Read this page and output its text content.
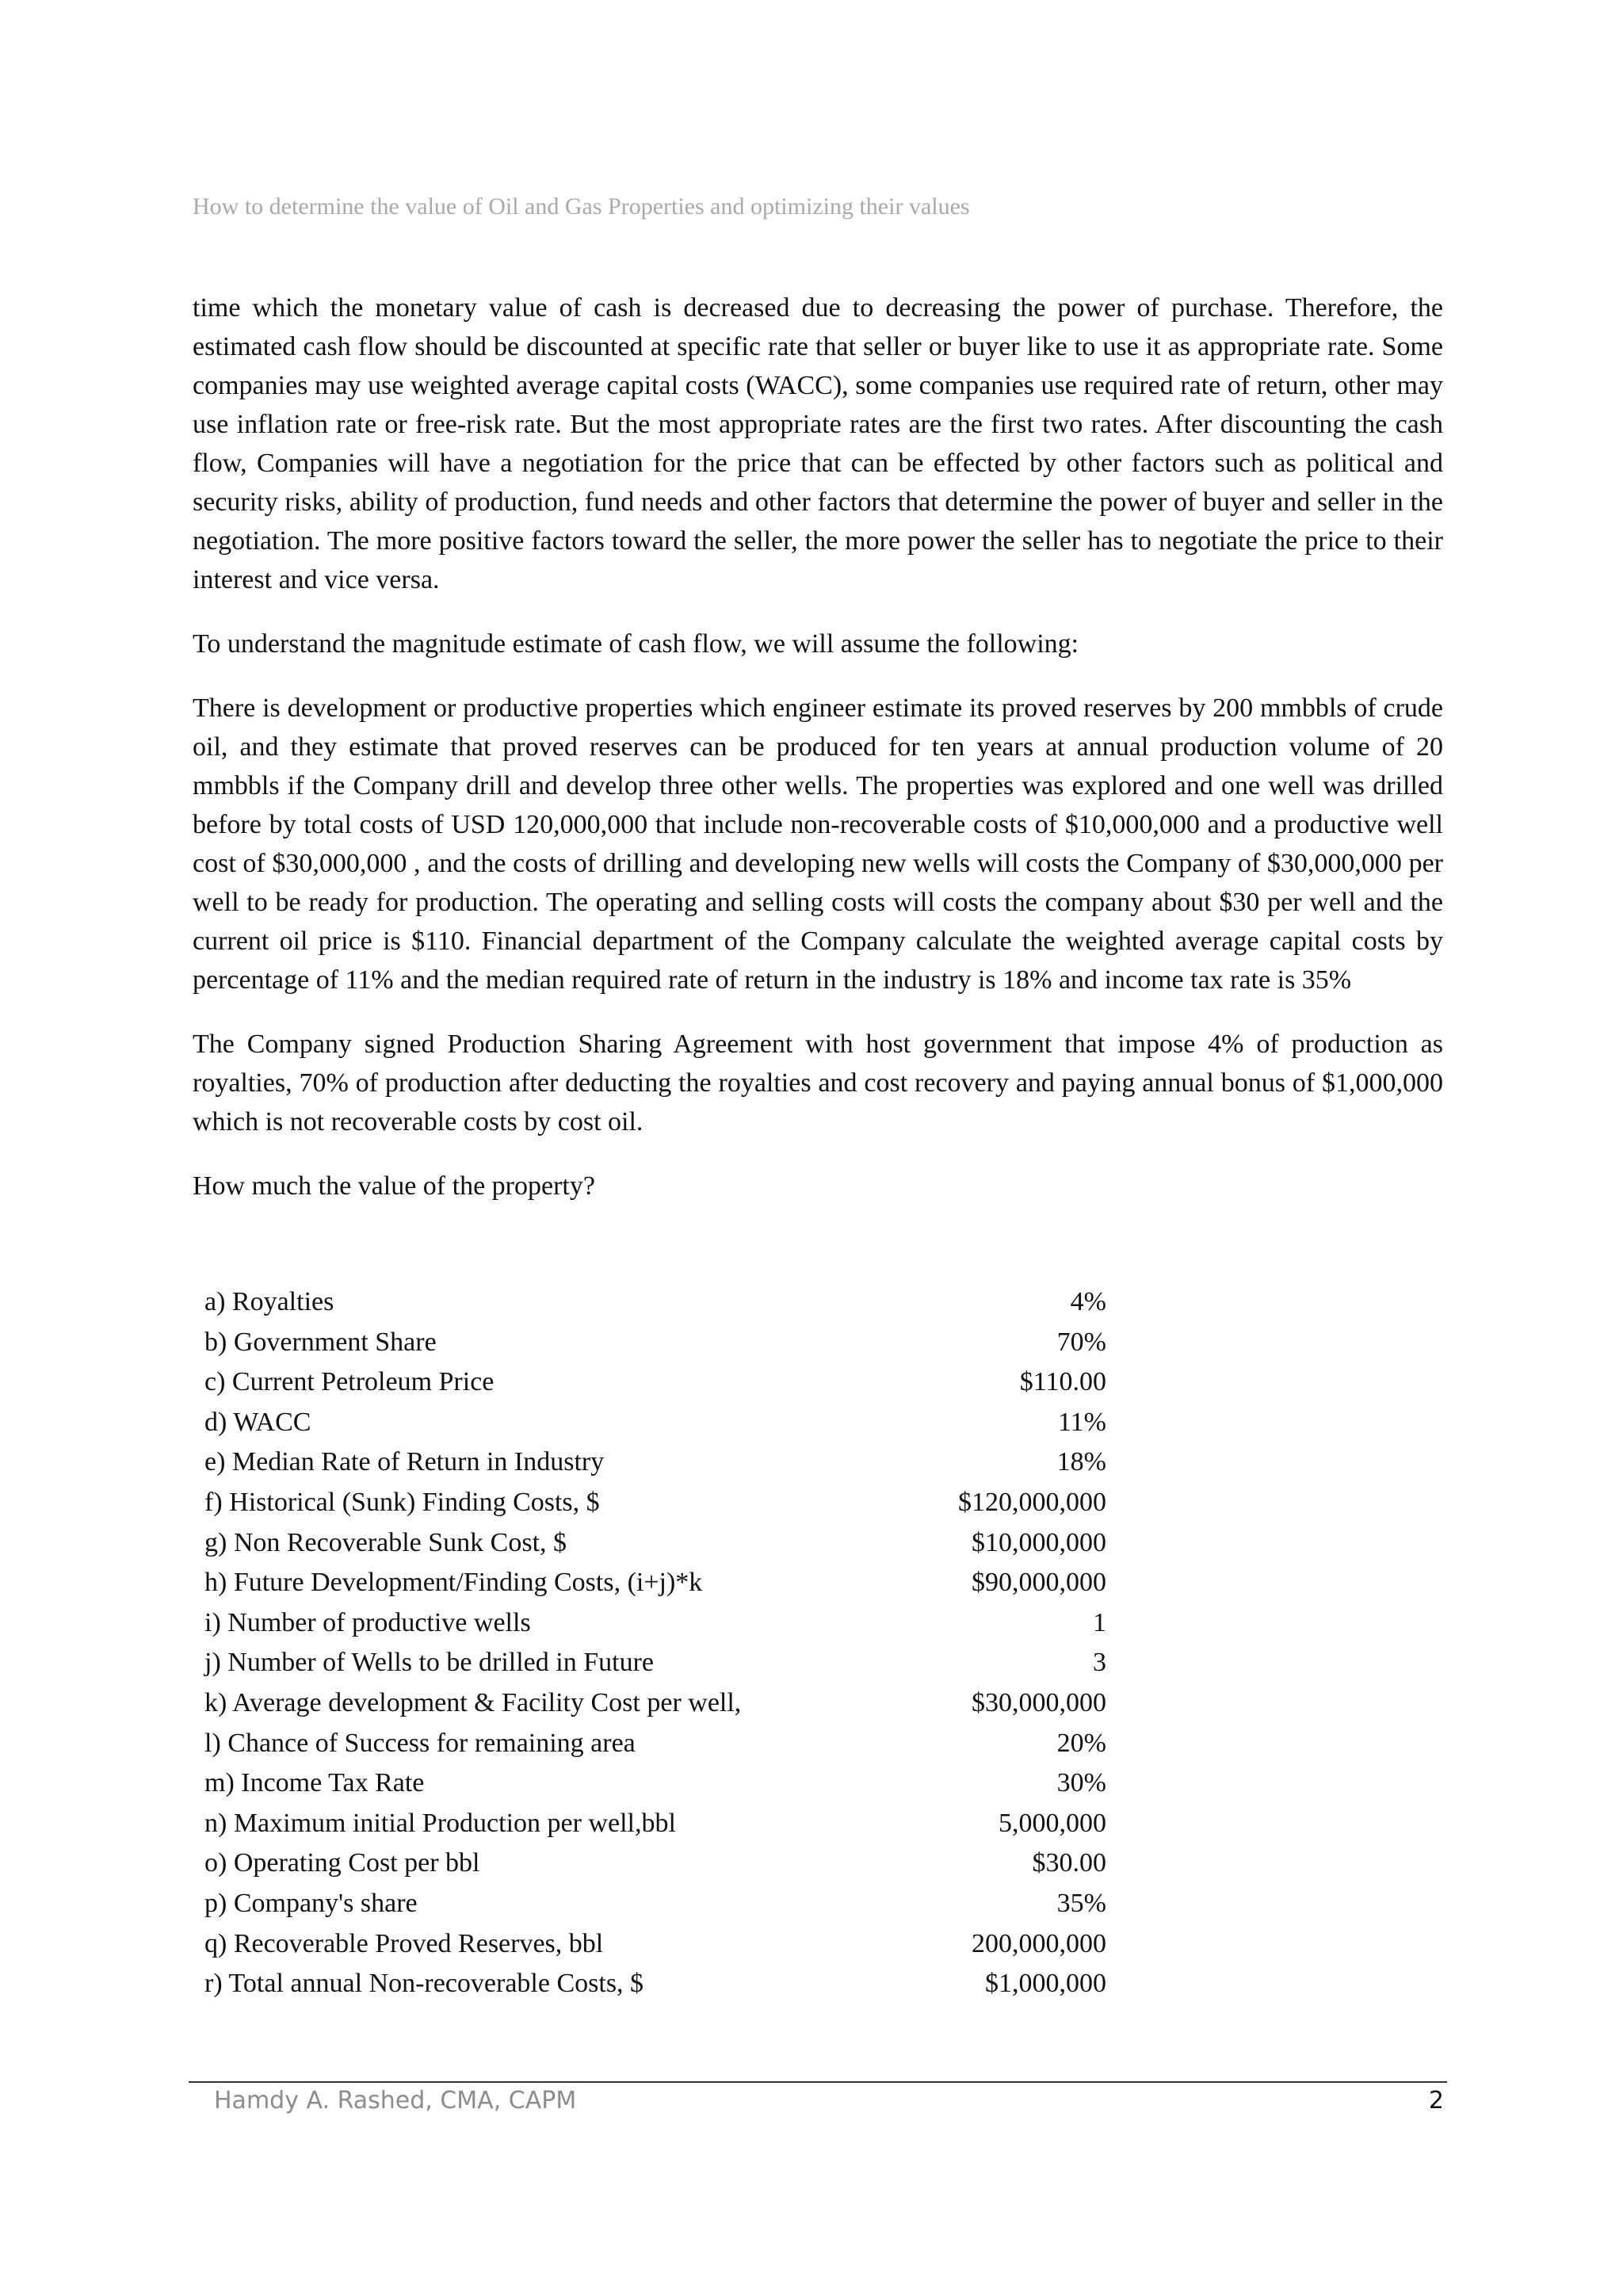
How to determine the value of Oil and Gas Properties and optimizing their values

time which the monetary value of cash is decreased due to decreasing the power of purchase. Therefore, the estimated cash flow should be discounted at specific rate that seller or buyer like to use it as appropriate rate. Some companies may use weighted average capital costs (WACC), some companies use required rate of return, other may use inflation rate or free-risk rate. But the most appropriate rates are the first two rates. After discounting the cash flow, Companies will have a negotiation for the price that can be effected by other factors such as political and security risks, ability of production, fund needs and other factors that determine the power of buyer and seller in the negotiation. The more positive factors toward the seller, the more power the seller has to negotiate the price to their interest and vice versa.

To understand the magnitude estimate of cash flow, we will assume the following:

There is development or productive properties which engineer estimate its proved reserves by 200 mmbbls of crude oil, and they estimate that proved reserves can be produced for ten years at annual production volume of 20 mmbbls if the Company drill and develop three other wells. The properties was explored and one well was drilled before by total costs of USD 120,000,000 that include non-recoverable costs of $10,000,000 and a productive well cost of $30,000,000 , and the costs of drilling and developing new wells will costs the Company of $30,000,000 per well to be ready for production. The operating and selling costs will costs the company about $30 per well and the current oil price is $110. Financial department of the Company calculate the weighted average capital costs by percentage of 11% and the median required rate of return in the industry is 18% and income tax rate is 35%

The Company signed Production Sharing Agreement with host government that impose 4% of production as royalties, 70% of production after deducting the royalties and cost recovery and paying annual bonus of $1,000,000 which is not recoverable costs by cost oil.

How much the value of the property?

a) Royalties	4%
b) Government Share	70%
c) Current Petroleum Price	$110.00
d) WACC	11%
e) Median Rate of Return in Industry	18%
f) Historical (Sunk) Finding Costs, $	$120,000,000
g) Non Recoverable Sunk Cost, $	$10,000,000
h) Future Development/Finding Costs, (i+j)*k	$90,000,000
i) Number of productive wells	1
j) Number of Wells to be drilled in Future	3
k) Average development & Facility Cost per well,	$30,000,000
l) Chance of Success for remaining area	20%
m) Income Tax Rate	30%
n) Maximum initial Production per well,bbl	5,000,000
o) Operating Cost per bbl	$30.00
p) Company's share	35%
q) Recoverable Proved Reserves, bbl	200,000,000
r) Total annual Non-recoverable Costs, $	$1,000,000
Hamdy A. Rashed, CMA, CAPM	2
